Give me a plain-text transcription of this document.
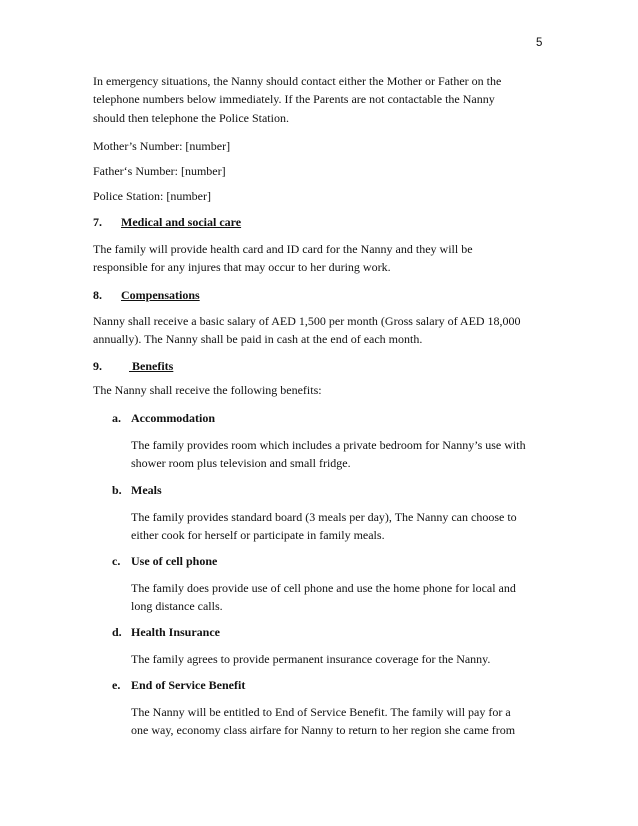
5
In emergency situations, the Nanny should contact either the Mother or Father on the
telephone numbers below immediately. If the Parents are not contactable the Nanny
should then telephone the Police Station.
Mother’s Number: [number]
Father‘s Number: [number]
Police Station: [number]
7. Medical and social care
The family will provide health card and ID card for the Nanny and they will be
responsible for any injures that may occur to her during work.
8. Compensations
Nanny shall receive a basic salary of AED 1,500 per month (Gross salary of AED 18,000
annually). The Nanny shall be paid in cash at the end of each month.
9. Benefits
The Nanny shall receive the following benefits:
a. Accommodation
The family provides room which includes a private bedroom for Nanny’s use with
shower room plus television and small fridge.
b. Meals
The family provides standard board (3 meals per day), The Nanny can choose to
either cook for herself or participate in family meals.
c. Use of cell phone
The family does provide use of cell phone and use the home phone for local and
long distance calls.
d. Health Insurance
The family agrees to provide permanent insurance coverage for the Nanny.
e. End of Service Benefit
The Nanny will be entitled to End of Service Benefit. The family will pay for a
one way, economy class airfare for Nanny to return to her region she came from
